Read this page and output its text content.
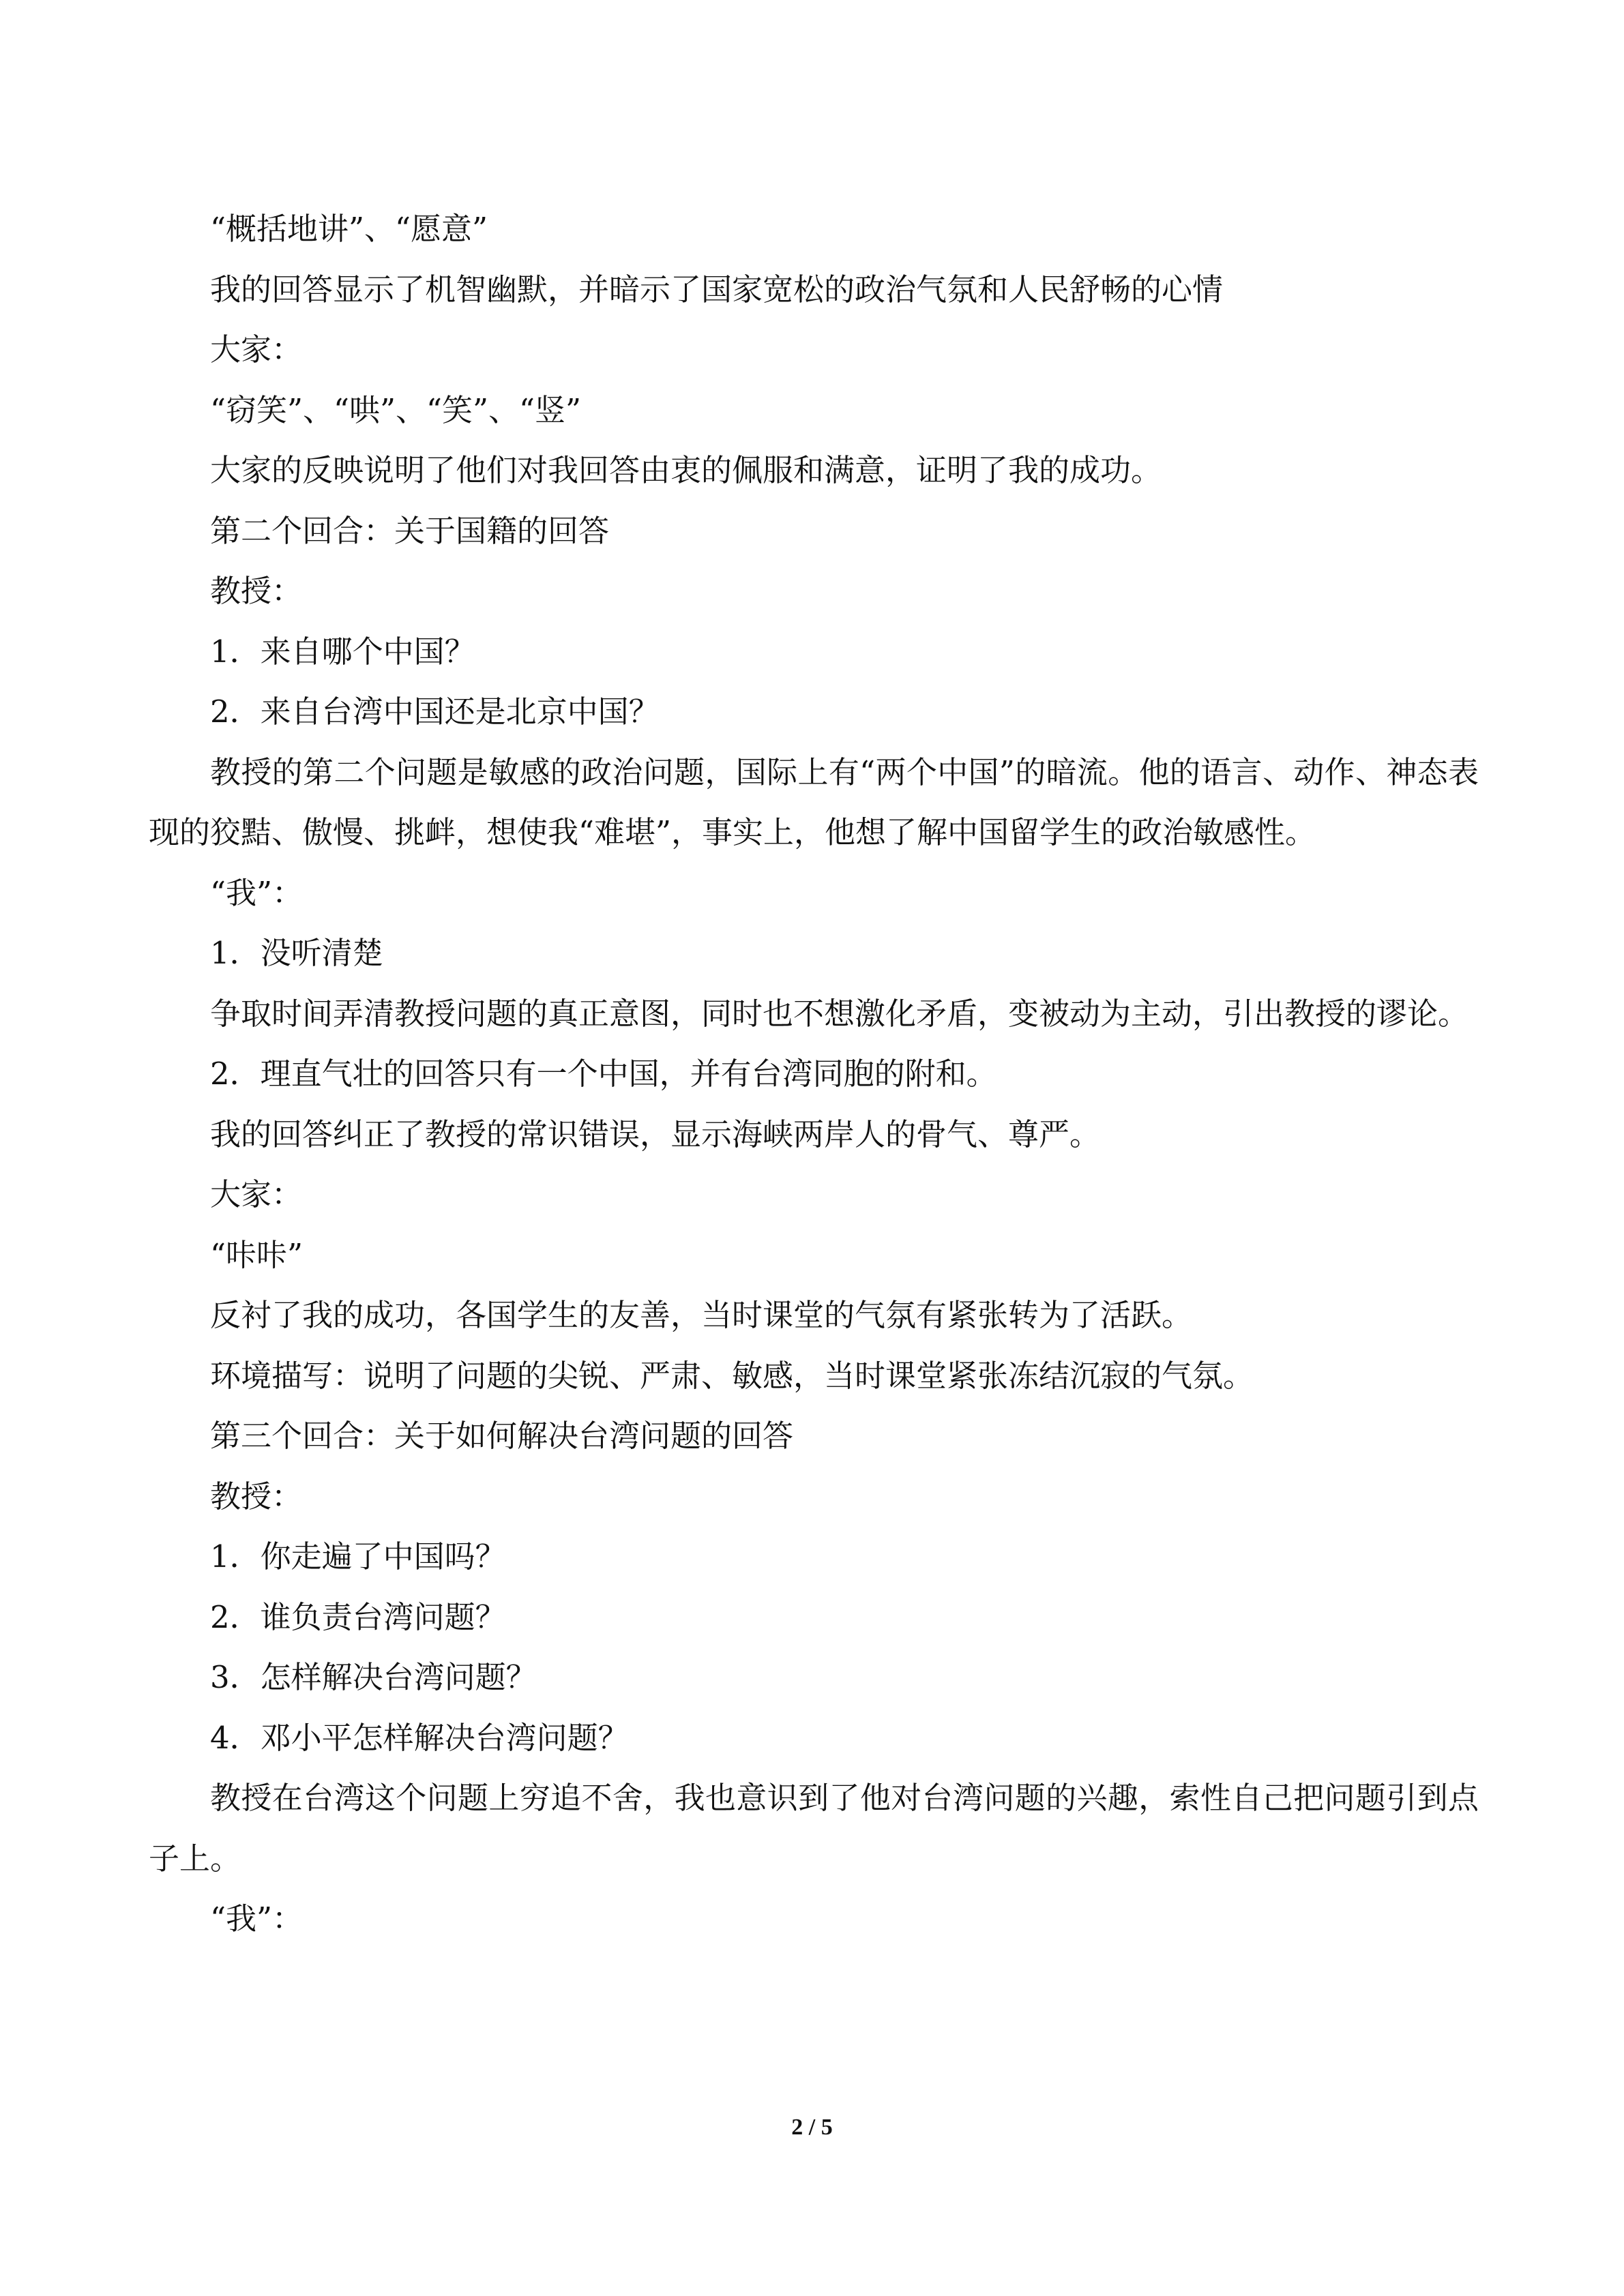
“概括地讲”、“愿意”

我的回答显示了机智幽默，并暗示了国家宽松的政治气氛和人民舒畅的心情

大家：

“窃笑”、“哄”、“笑”、“竖”

大家的反映说明了他们对我回答由衷的佩服和满意，证明了我的成功。

第二个回合：关于国籍的回答

教授：

1．来自哪个中国？

2．来自台湾中国还是北京中国？

教授的第二个问题是敏感的政治问题，国际上有“两个中国”的暗流。他的语言、动作、神态表现的狡黠、傲慢、挑衅，想使我“难堪”，事实上，他想了解中国留学生的政治敏感性。

“我”：

1．没听清楚

争取时间弄清教授问题的真正意图，同时也不想激化矛盾，变被动为主动，引出教授的谬论。

2．理直气壮的回答只有一个中国，并有台湾同胞的附和。

我的回答纠正了教授的常识错误，显示海峡两岸人的骨气、尊严。

大家：

“咔咔”

反衬了我的成功，各国学生的友善，当时课堂的气氛有紧张转为了活跃。

环境描写：说明了问题的尖锐、严肃、敏感，当时课堂紧张冻结沉寂的气氛。

第三个回合：关于如何解决台湾问题的回答

教授：

1．你走遍了中国吗？

2．谁负责台湾问题？

3．怎样解决台湾问题？

4．邓小平怎样解决台湾问题？

教授在台湾这个问题上穷追不舍，我也意识到了他对台湾问题的兴趣，索性自己把问题引到点子上。

“我”：

2 / 5
